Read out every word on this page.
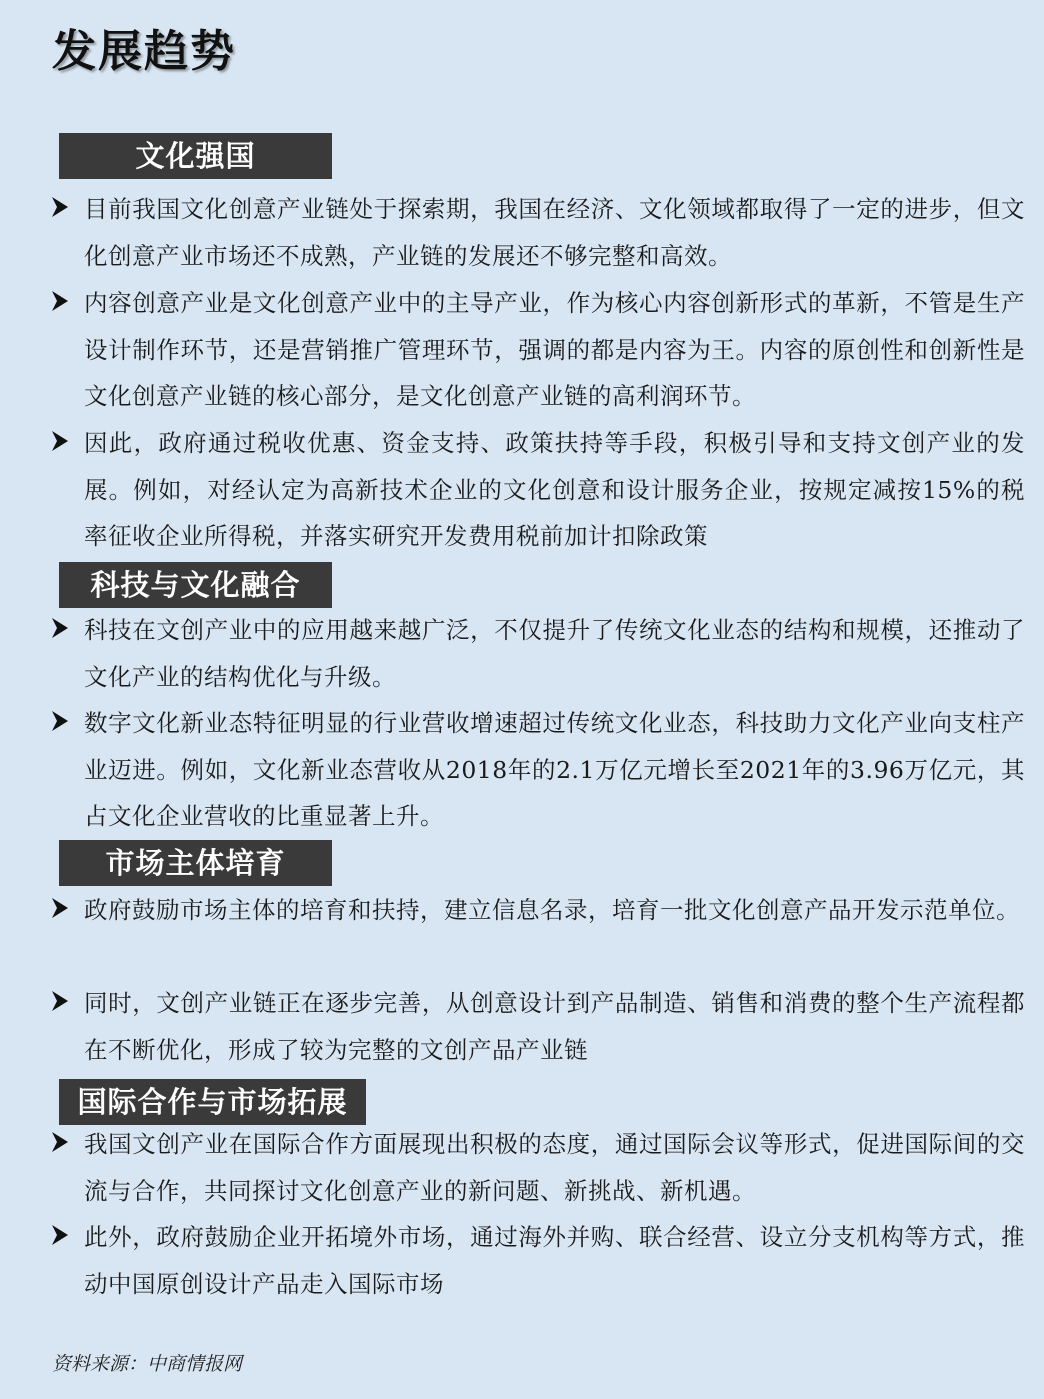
发展趋势
文化强国
目前我国文化创意产业链处于探索期，我国在经济、文化领域都取得了一定的进步，但文化创意产业市场还不成熟，产业链的发展还不够完整和高效。
内容创意产业是文化创意产业中的主导产业，作为核心内容创新形式的革新，不管是生产设计制作环节，还是营销推广管理环节，强调的都是内容为王。内容的原创性和创新性是文化创意产业链的核心部分，是文化创意产业链的高利润环节。
因此，政府通过税收优惠、资金支持、政策扶持等手段，积极引导和支持文创产业的发展。例如，对经认定为高新技术企业的文化创意和设计服务企业，按规定减按15%的税率征收企业所得税，并落实研究开发费用税前加计扣除政策
科技与文化融合
科技在文创产业中的应用越来越广泛，不仅提升了传统文化业态的结构和规模，还推动了文化产业的结构优化与升级。
数字文化新业态特征明显的行业营收增速超过传统文化业态，科技助力文化产业向支柱产业迈进。例如，文化新业态营收从2018年的2.1万亿元增长至2021年的3.96万亿元，其占文化企业营收的比重显著上升。
市场主体培育
政府鼓励市场主体的培育和扶持，建立信息名录，培育一批文化创意产品开发示范单位。
同时，文创产业链正在逐步完善，从创意设计到产品制造、销售和消费的整个生产流程都在不断优化，形成了较为完整的文创产品产业链
国际合作与市场拓展
我国文创产业在国际合作方面展现出积极的态度，通过国际会议等形式，促进国际间的交流与合作，共同探讨文化创意产业的新问题、新挑战、新机遇。
此外，政府鼓励企业开拓境外市场，通过海外并购、联合经营、设立分支机构等方式，推动中国原创设计产品走入国际市场
资料来源：中商情报网
